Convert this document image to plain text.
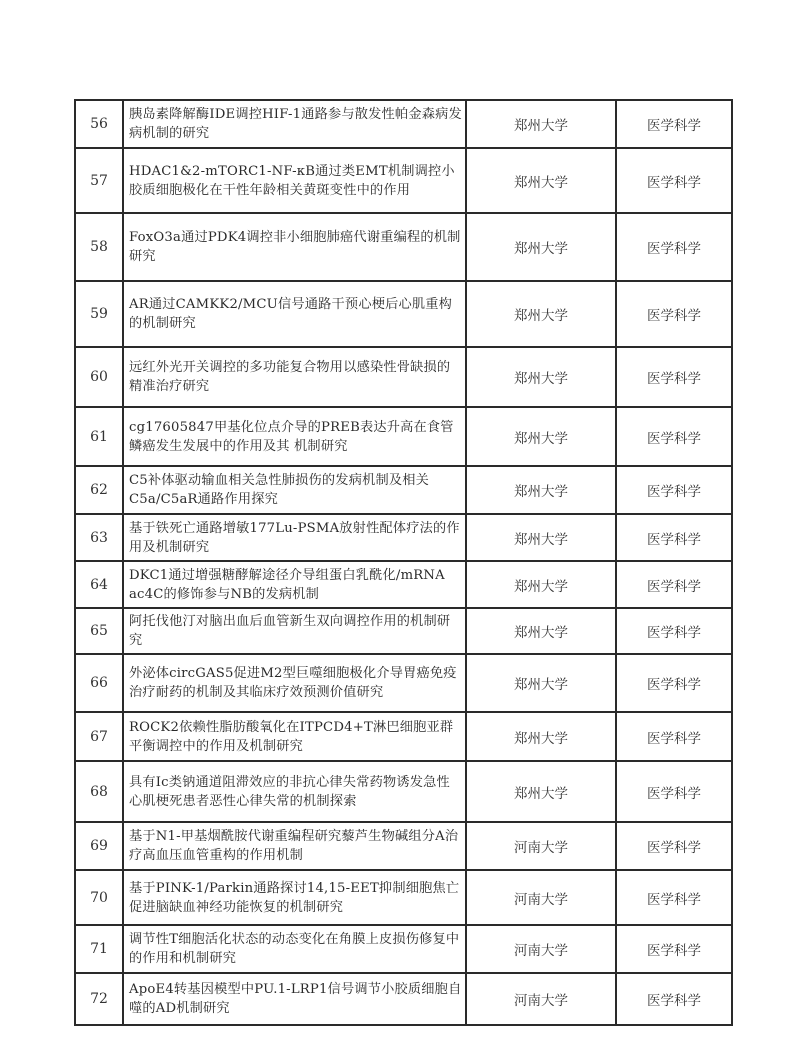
56	胰岛素降解酶IDE调控HIF-1通路参与散发性帕金森病发病机制的研究	郑州大学	医学科学
57	HDAC1&2-mTORC1-NF-κB通过类EMT机制调控小胶质细胞极化在干性年龄相关黄斑变性中的作用	郑州大学	医学科学
58	FoxO3a通过PDK4调控非小细胞肺癌代谢重编程的机制研究	郑州大学	医学科学
59	AR通过CAMKK2/MCU信号通路干预心梗后心肌重构的机制研究	郑州大学	医学科学
60	远红外光开关调控的多功能复合物用以感染性骨缺损的精准治疗研究	郑州大学	医学科学
61	cg17605847甲基化位点介导的PREB表达升高在食管鳞癌发生发展中的作用及其 机制研究	郑州大学	医学科学
62	C5补体驱动输血相关急性肺损伤的发病机制及相关C5a/C5aR通路作用探究	郑州大学	医学科学
63	基于铁死亡通路增敏177Lu-PSMA放射性配体疗法的作用及机制研究	郑州大学	医学科学
64	DKC1通过增强糖酵解途径介导组蛋白乳酰化/mRNA ac4C的修饰参与NB的发病机制	郑州大学	医学科学
65	阿托伐他汀对脑出血后血管新生双向调控作用的机制研究	郑州大学	医学科学
66	外泌体circGAS5促进M2型巨噬细胞极化介导胃癌免疫治疗耐药的机制及其临床疗效预测价值研究	郑州大学	医学科学
67	ROCK2依赖性脂肪酸氧化在ITPCD4+T淋巴细胞亚群平衡调控中的作用及机制研究	郑州大学	医学科学
68	具有Ic类钠通道阻滞效应的非抗心律失常药物诱发急性心肌梗死患者恶性心律失常的机制探索	郑州大学	医学科学
69	基于N1-甲基烟酰胺代谢重编程研究藜芦生物碱组分A治疗高血压血管重构的作用机制	河南大学	医学科学
70	基于PINK-1/Parkin通路探讨14,15-EET抑制细胞焦亡促进脑缺血神经功能恢复的机制研究	河南大学	医学科学
71	调节性T细胞活化状态的动态变化在角膜上皮损伤修复中的作用和机制研究	河南大学	医学科学
72	ApoE4转基因模型中PU.1-LRP1信号调节小胶质细胞自噬的AD机制研究	河南大学	医学科学
